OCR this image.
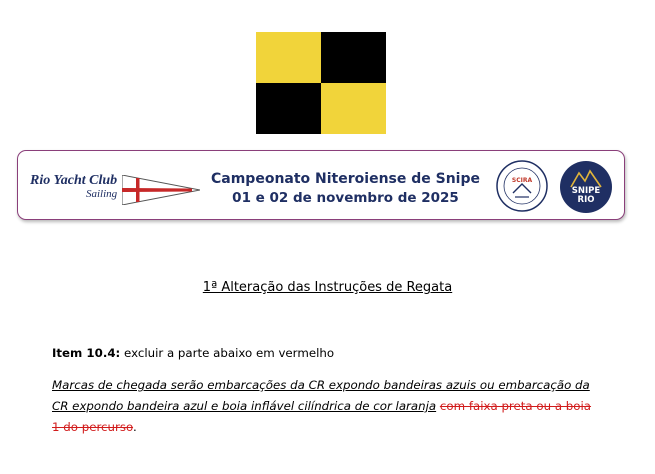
Rio Yacht Club
Sailing
Campeonato Niteroiense de Snipe
01 e 02 de novembro de 2025
SCIRA
SNIPE
RIO
1ª Alteração das Instruções de Regata
Item 10.4: excluir a parte abaixo em vermelho
Marcas de chegada serão embarcações da CR expondo bandeiras azuis ou embarcação da CR expondo bandeira azul e boia inflável cilíndrica de cor laranja com faixa preta ou a boia 1 do percurso.
